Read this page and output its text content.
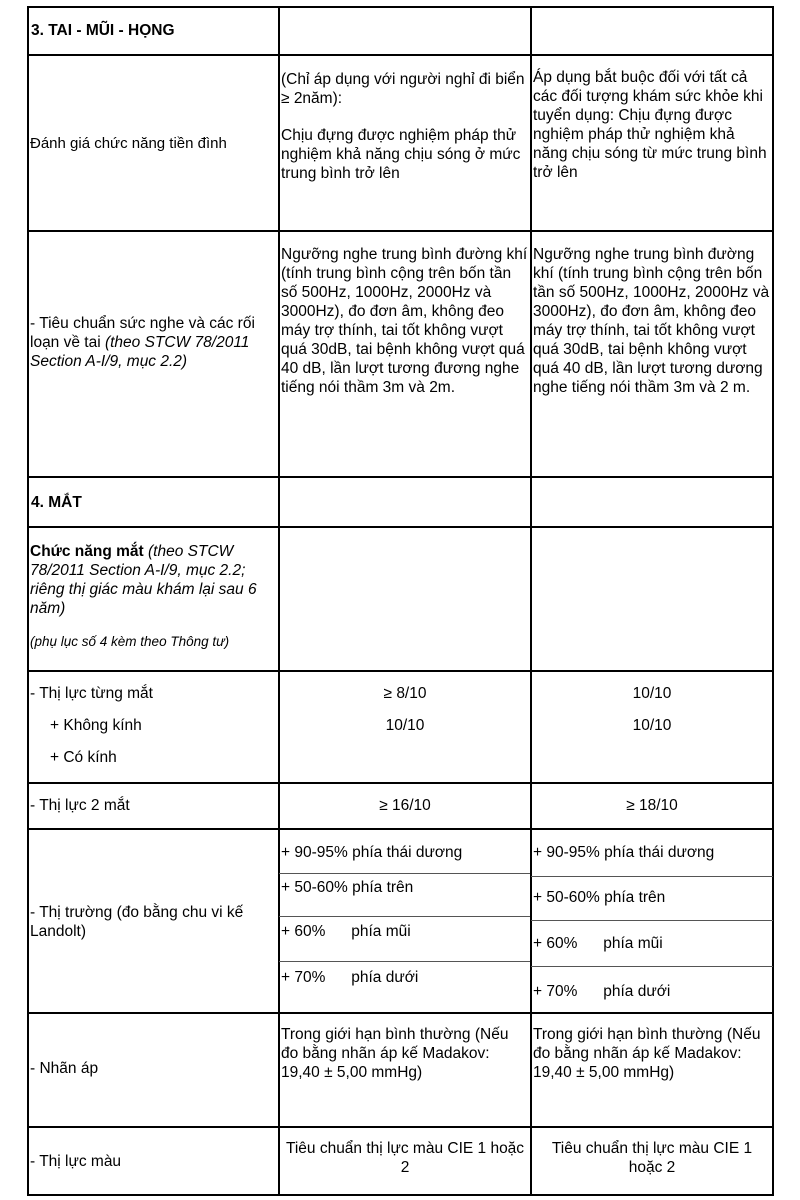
3. TAI - MŨI - HỌNG
Đánh giá chức năng tiền đình

(Chỉ áp dụng với người nghỉ đi biển ≥ 2năm):

Chịu đựng được nghiệm pháp thử nghiệm khả năng chịu sóng ở mức trung bình trở lên

Áp dụng bắt buộc đối với tất cả các đối tượng khám sức khỏe khi tuyển dụng: Chịu đựng được nghiệm pháp thử nghiệm khả năng chịu sóng từ mức trung bình trở lên
- Tiêu chuẩn sức nghe và các rối loạn về tai (theo STCW 78/2011 Section A-I/9, mục 2.2)
Ngưỡng nghe trung bình đường khí (tính trung bình cộng trên bốn tần số 500Hz, 1000Hz, 2000Hz và 3000Hz), đo đơn âm, không đeo máy trợ thính, tai tốt không vượt quá 30dB, tai bệnh không vượt quá 40 dB, lần lượt tương đương nghe tiếng nói thầm 3m và 2m.
Ngưỡng nghe trung bình đường khí (tính trung bình cộng trên bốn tần số 500Hz, 1000Hz, 2000Hz và 3000Hz), đo đơn âm, không đeo máy trợ thính, tai tốt không vượt quá 30dB, tai bệnh không vượt quá 40 dB, lần lượt tương dương nghe tiếng nói thầm 3m và 2 m.
4. MẮT

Chức năng mắt (theo STCW 78/2011 Section A-I/9, mục 2.2; riêng thị giác màu khám lại sau 6 năm)

(phụ lục số 4 kèm theo Thông tư)

- Thị lực từng mắt

+ Không kính

+ Có kính

≥ 8/10

10/10

10/10

10/10

- Thị lực 2 mắt	≥ 16/10	≥ 18/10
- Thị trường (đo bằng chu vi kế Landolt)
+ 90-95% phía thái dương
+ 50-60% phía trên
+ 60%      phía mũi
+ 70%      phía dưới
+ 90-95% phía thái dương
+ 50-60% phía trên
+ 60%      phía mũi
+ 70%      phía dưới
- Nhãn áp
Trong giới hạn bình thường (Nếu đo bằng nhãn áp kế Madakov: 19,40 ± 5,00 mmHg)
Trong giới hạn bình thường (Nếu đo bằng nhãn áp kế Madakov: 19,40 ± 5,00 mmHg)
- Thị lực màu
Tiêu chuẩn thị lực màu CIE 1 hoặc 2
Tiêu chuẩn thị lực màu CIE 1 hoặc 2
